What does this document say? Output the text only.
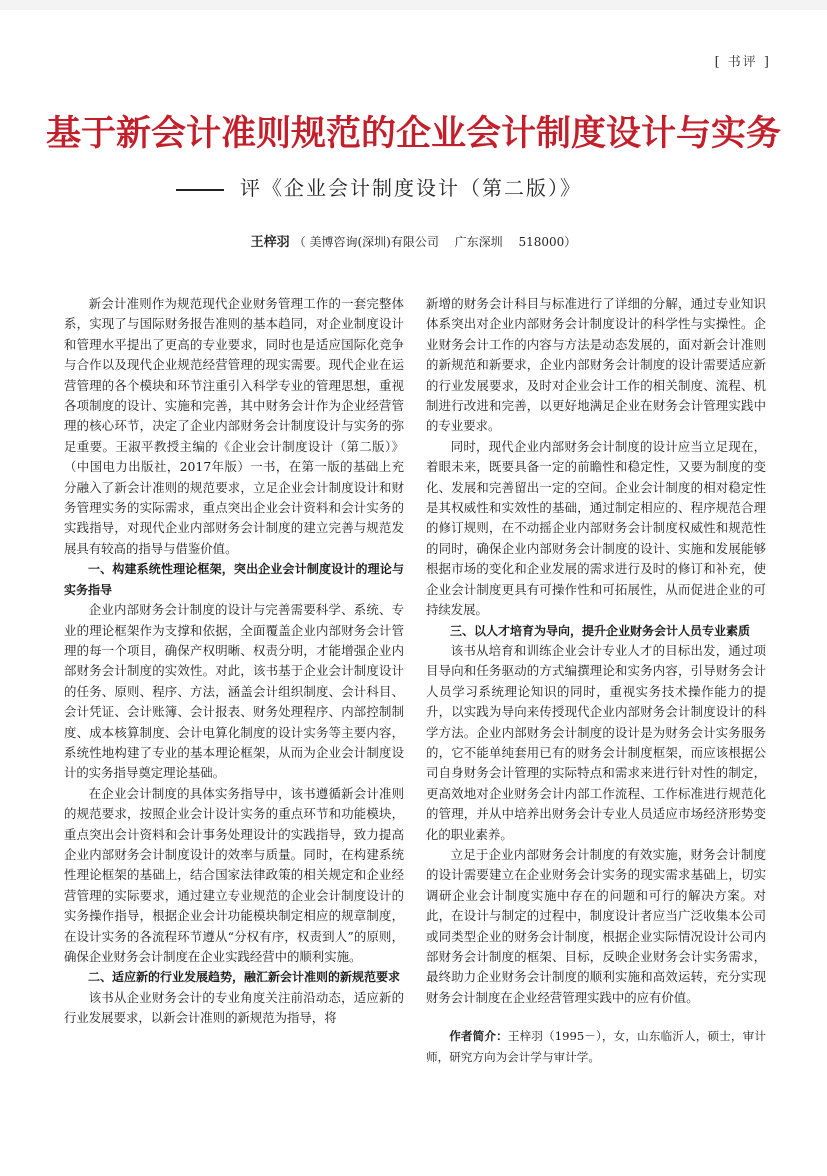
[ 书评 ]
基于新会计准则规范的企业会计制度设计与实务
评《企业会计制度设计（第二版）》
王梓羽 （ 美博咨询(深圳)有限公司　 广东深圳　 518000）

新会计准则作为规范现代企业财务管理工作的一套完整体系，实现了与国际财务报告准则的基本趋同，对企业制度设计和管理水平提出了更高的专业要求，同时也是适应国际化竞争与合作以及现代企业规范经营管理的现实需要。现代企业在运营管理的各个模块和环节注重引入科学专业的管理思想，重视各项制度的设计、实施和完善，其中财务会计作为企业经营管理的核心环节，决定了企业内部财务会计制度设计与实务的弥足重要。王淑平教授主编的《企业会计制度设计（第二版）》（中国电力出版社，2017年版）一书，在第一版的基础上充分融入了新会计准则的规范要求，立足企业会计制度设计和财务管理实务的实际需求，重点突出企业会计资料和会计实务的实践指导，对现代企业内部财务会计制度的建立完善与规范发展具有较高的指导与借鉴价值。

一、构建系统性理论框架，突出企业会计制度设计的理论与实务指导

企业内部财务会计制度的设计与完善需要科学、系统、专业的理论框架作为支撑和依据，全面覆盖企业内部财务会计管理的每一个项目，确保产权明晰、权责分明，才能增强企业内部财务会计制度的实效性。对此，该书基于企业会计制度设计的任务、原则、程序、方法，涵盖会计组织制度、会计科目、会计凭证、会计账簿、会计报表、财务处理程序、内部控制制度、成本核算制度、会计电算化制度的设计实务等主要内容，系统性地构建了专业的基本理论框架，从而为企业会计制度设计的实务指导奠定理论基础。

在企业会计制度的具体实务指导中，该书遵循新会计准则的规范要求，按照企业会计设计实务的重点环节和功能模块，重点突出会计资料和会计事务处理设计的实践指导，致力提高企业内部财务会计制度设计的效率与质量。同时，在构建系统性理论框架的基础上，结合国家法律政策的相关规定和企业经营管理的实际要求，通过建立专业规范的企业会计制度设计的实务操作指导，根据企业会计功能模块制定相应的规章制度，在设计实务的各流程环节遵从“分权有序，权责到人”的原则，确保企业财务会计制度在企业实践经营中的顺利实施。

二、适应新的行业发展趋势，融汇新会计准则的新规范要求

该书从企业财务会计的专业角度关注前沿动态，适应新的行业发展要求，以新会计准则的新规范为指导，将

新增的财务会计科目与标准进行了详细的分解，通过专业知识体系突出对企业内部财务会计制度设计的科学性与实操性。企业财务会计工作的内容与方法是动态发展的，面对新会计准则的新规范和新要求，企业内部财务会计制度的设计需要适应新的行业发展要求，及时对企业会计工作的相关制度、流程、机制进行改进和完善，以更好地满足企业在财务会计管理实践中的专业要求。

同时，现代企业内部财务会计制度的设计应当立足现在，着眼未来，既要具备一定的前瞻性和稳定性，又要为制度的变化、发展和完善留出一定的空间。企业会计制度的相对稳定性是其权威性和实效性的基础，通过制定相应的、程序规范合理的修订规则，在不动摇企业内部财务会计制度权威性和规范性的同时，确保企业内部财务会计制度的设计、实施和发展能够根据市场的变化和企业发展的需求进行及时的修订和补充，使企业会计制度更具有可操作性和可拓展性，从而促进企业的可持续发展。

三、以人才培育为导向，提升企业财务会计人员专业素质

该书从培育和训练企业会计专业人才的目标出发，通过项目导向和任务驱动的方式编撰理论和实务内容，引导财务会计人员学习系统理论知识的同时，重视实务技术操作能力的提升，以实践为导向来传授现代企业内部财务会计制度设计的科学方法。企业内部财务会计制度的设计是为财务会计实务服务的，它不能单纯套用已有的财务会计制度框架，而应该根据公司自身财务会计管理的实际特点和需求来进行针对性的制定，更高效地对企业财务会计内部工作流程、工作标准进行规范化的管理，并从中培养出财务会计专业人员适应市场经济形势变化的职业素养。

立足于企业内部财务会计制度的有效实施，财务会计制度的设计需要建立在企业财务会计实务的现实需求基础上，切实调研企业会计制度实施中存在的问题和可行的解决方案。对此，在设计与制定的过程中，制度设计者应当广泛收集本公司或同类型企业的财务会计制度，根据企业实际情况设计公司内部财务会计制度的框架、目标，反映企业财务会计实务需求，最终助力企业财务会计制度的顺利实施和高效运转，充分实现财务会计制度在企业经营管理实践中的应有价值。

作者简介：王梓羽（1995－），女，山东临沂人，硕士，审计师，研究方向为会计学与审计学。
